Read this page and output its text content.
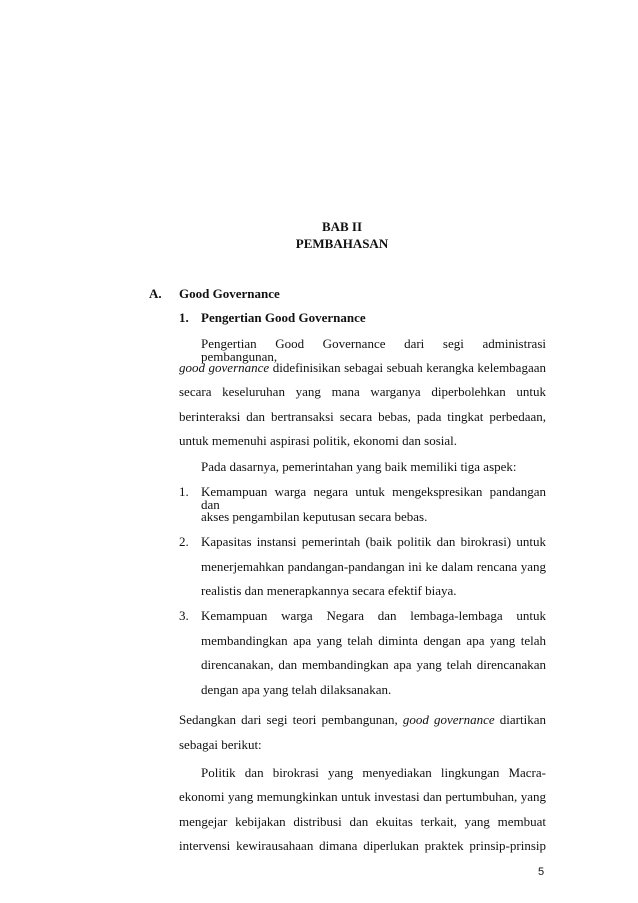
BAB II
PEMBAHASAN
A. Good Governance
1. Pengertian Good Governance
Pengertian Good Governance dari segi administrasi pembangunan,
good governance didefinisikan sebagai sebuah kerangka kelembagaan
secara keseluruhan yang mana warganya diperbolehkan untuk
berinteraksi dan bertransaksi secara bebas, pada tingkat perbedaan,
untuk memenuhi aspirasi politik, ekonomi dan sosial.
Pada dasarnya, pemerintahan yang baik memiliki tiga aspek:
1. Kemampuan warga negara untuk mengekspresikan pandangan dan
akses pengambilan keputusan secara bebas.
2. Kapasitas instansi pemerintah (baik politik dan birokrasi) untuk
menerjemahkan pandangan-pandangan ini ke dalam rencana yang
realistis dan menerapkannya secara efektif biaya.
3. Kemampuan warga Negara dan lembaga-lembaga untuk
membandingkan apa yang telah diminta dengan apa yang telah
direncanakan, dan membandingkan apa yang telah direncanakan
dengan apa yang telah dilaksanakan.
Sedangkan dari segi teori pembangunan, good governance diartikan
sebagai berikut:
Politik dan birokrasi yang menyediakan lingkungan Macra-
ekonomi yang memungkinkan untuk investasi dan pertumbuhan, yang
mengejar kebijakan distribusi dan ekuitas terkait, yang membuat
intervensi kewirausahaan dimana diperlukan praktek prinsip-prinsip
5
